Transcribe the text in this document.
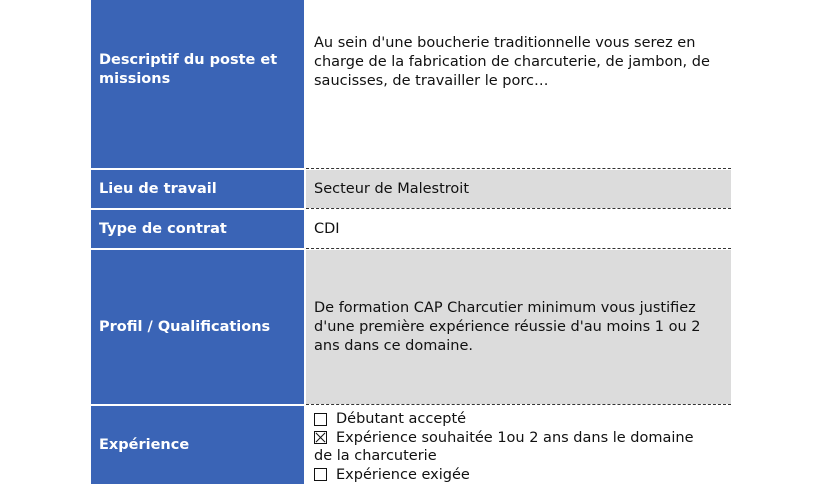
Descriptif du poste et missions
Au sein d'une boucherie traditionnelle vous serez en charge de la fabrication de charcuterie, de jambon, de saucisses, de travailler le porc…
Lieu de travail	Secteur de Malestroit
Type de contrat	CDI
Profil / Qualifications
De formation CAP Charcutier minimum vous justifiez d'une première expérience réussie d'au moins 1 ou 2 ans dans ce domaine.
Expérience
Débutant accepté
Expérience souhaitée 1ou 2 ans dans le domaine
de la charcuterie
Expérience exigée
